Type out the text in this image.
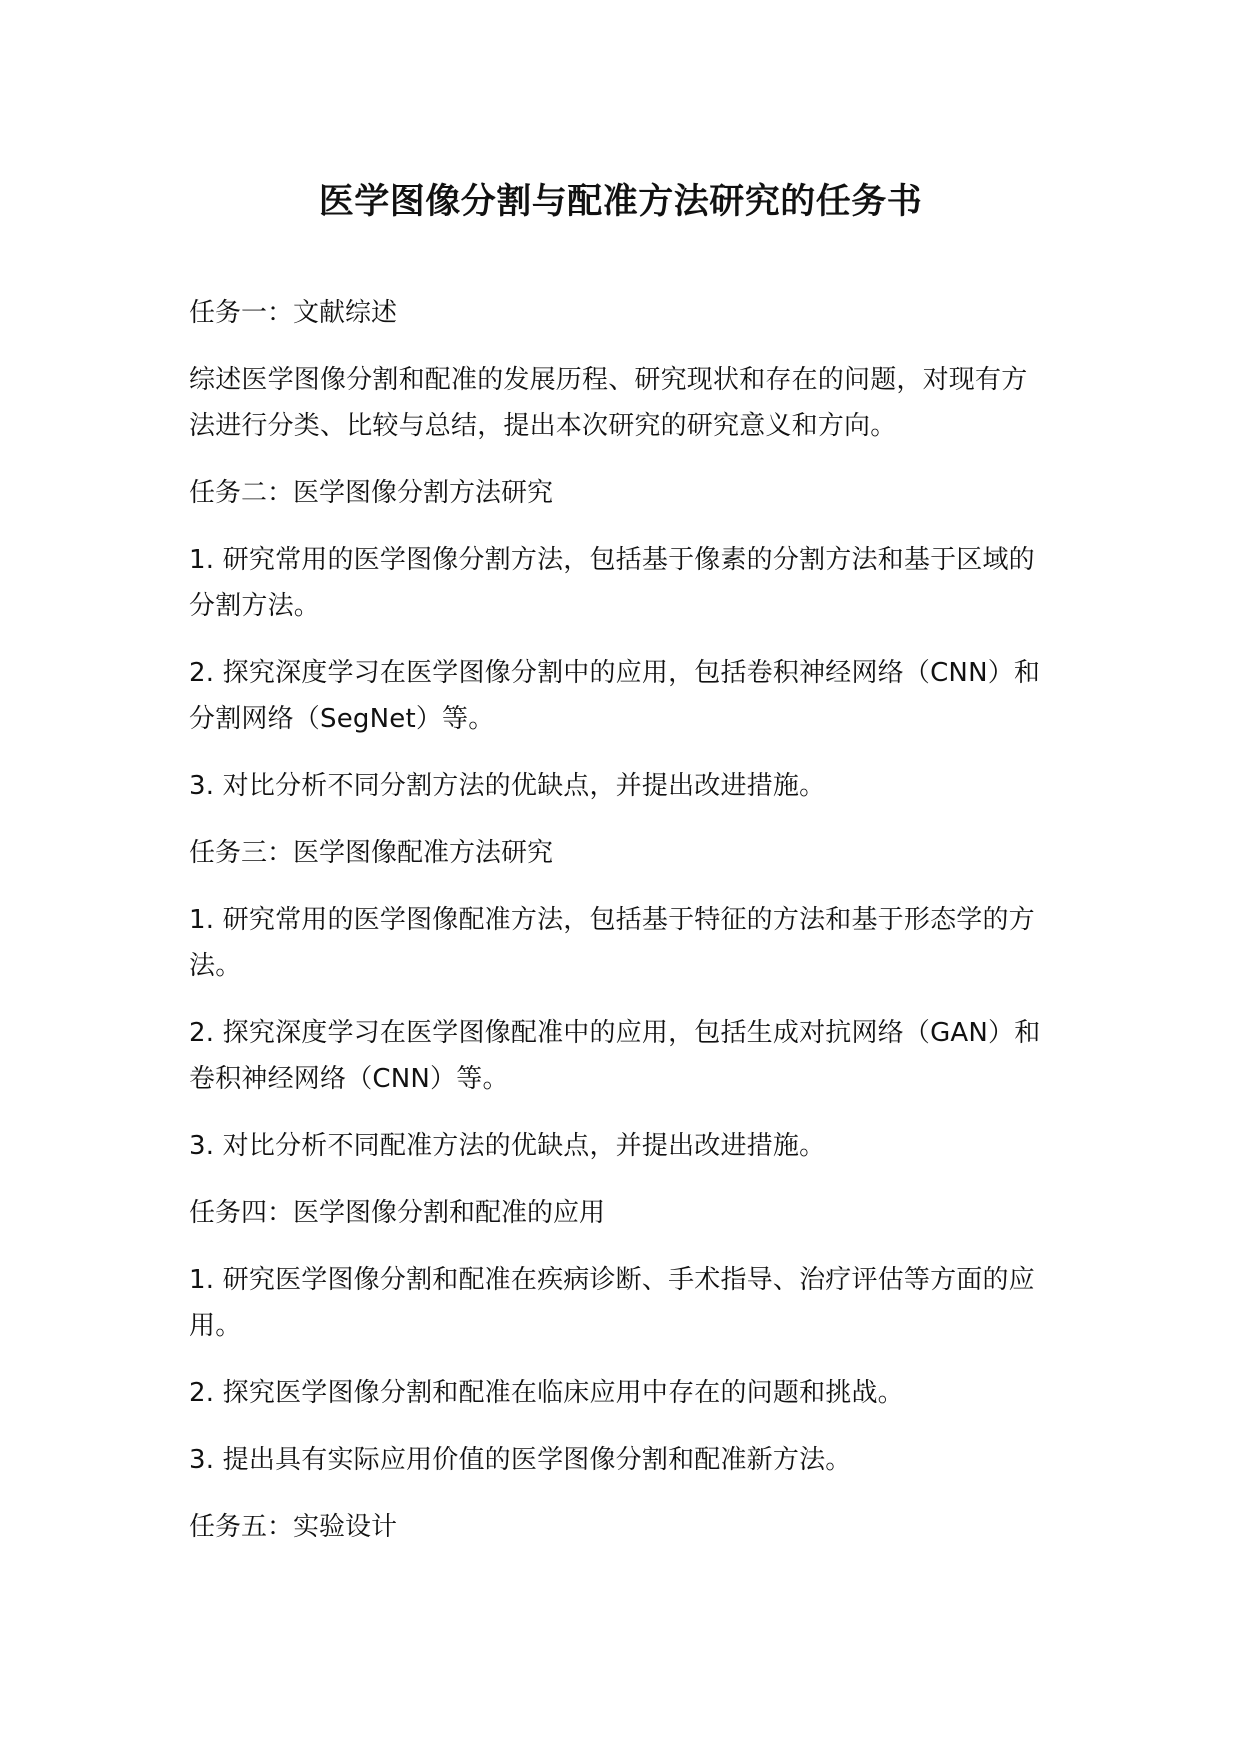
医学图像分割与配准方法研究的任务书

任务一：文献综述

综述医学图像分割和配准的发展历程、研究现状和存在的问题，对现有方法进行分类、比较与总结，提出本次研究的研究意义和方向。

任务二：医学图像分割方法研究

1. 研究常用的医学图像分割方法，包括基于像素的分割方法和基于区域的分割方法。

2. 探究深度学习在医学图像分割中的应用，包括卷积神经网络（CNN）和分割网络（SegNet）等。

3. 对比分析不同分割方法的优缺点，并提出改进措施。

任务三：医学图像配准方法研究

1. 研究常用的医学图像配准方法，包括基于特征的方法和基于形态学的方法。

2. 探究深度学习在医学图像配准中的应用，包括生成对抗网络（GAN）和卷积神经网络（CNN）等。

3. 对比分析不同配准方法的优缺点，并提出改进措施。

任务四：医学图像分割和配准的应用

1. 研究医学图像分割和配准在疾病诊断、手术指导、治疗评估等方面的应用。

2. 探究医学图像分割和配准在临床应用中存在的问题和挑战。

3. 提出具有实际应用价值的医学图像分割和配准新方法。

任务五：实验设计
